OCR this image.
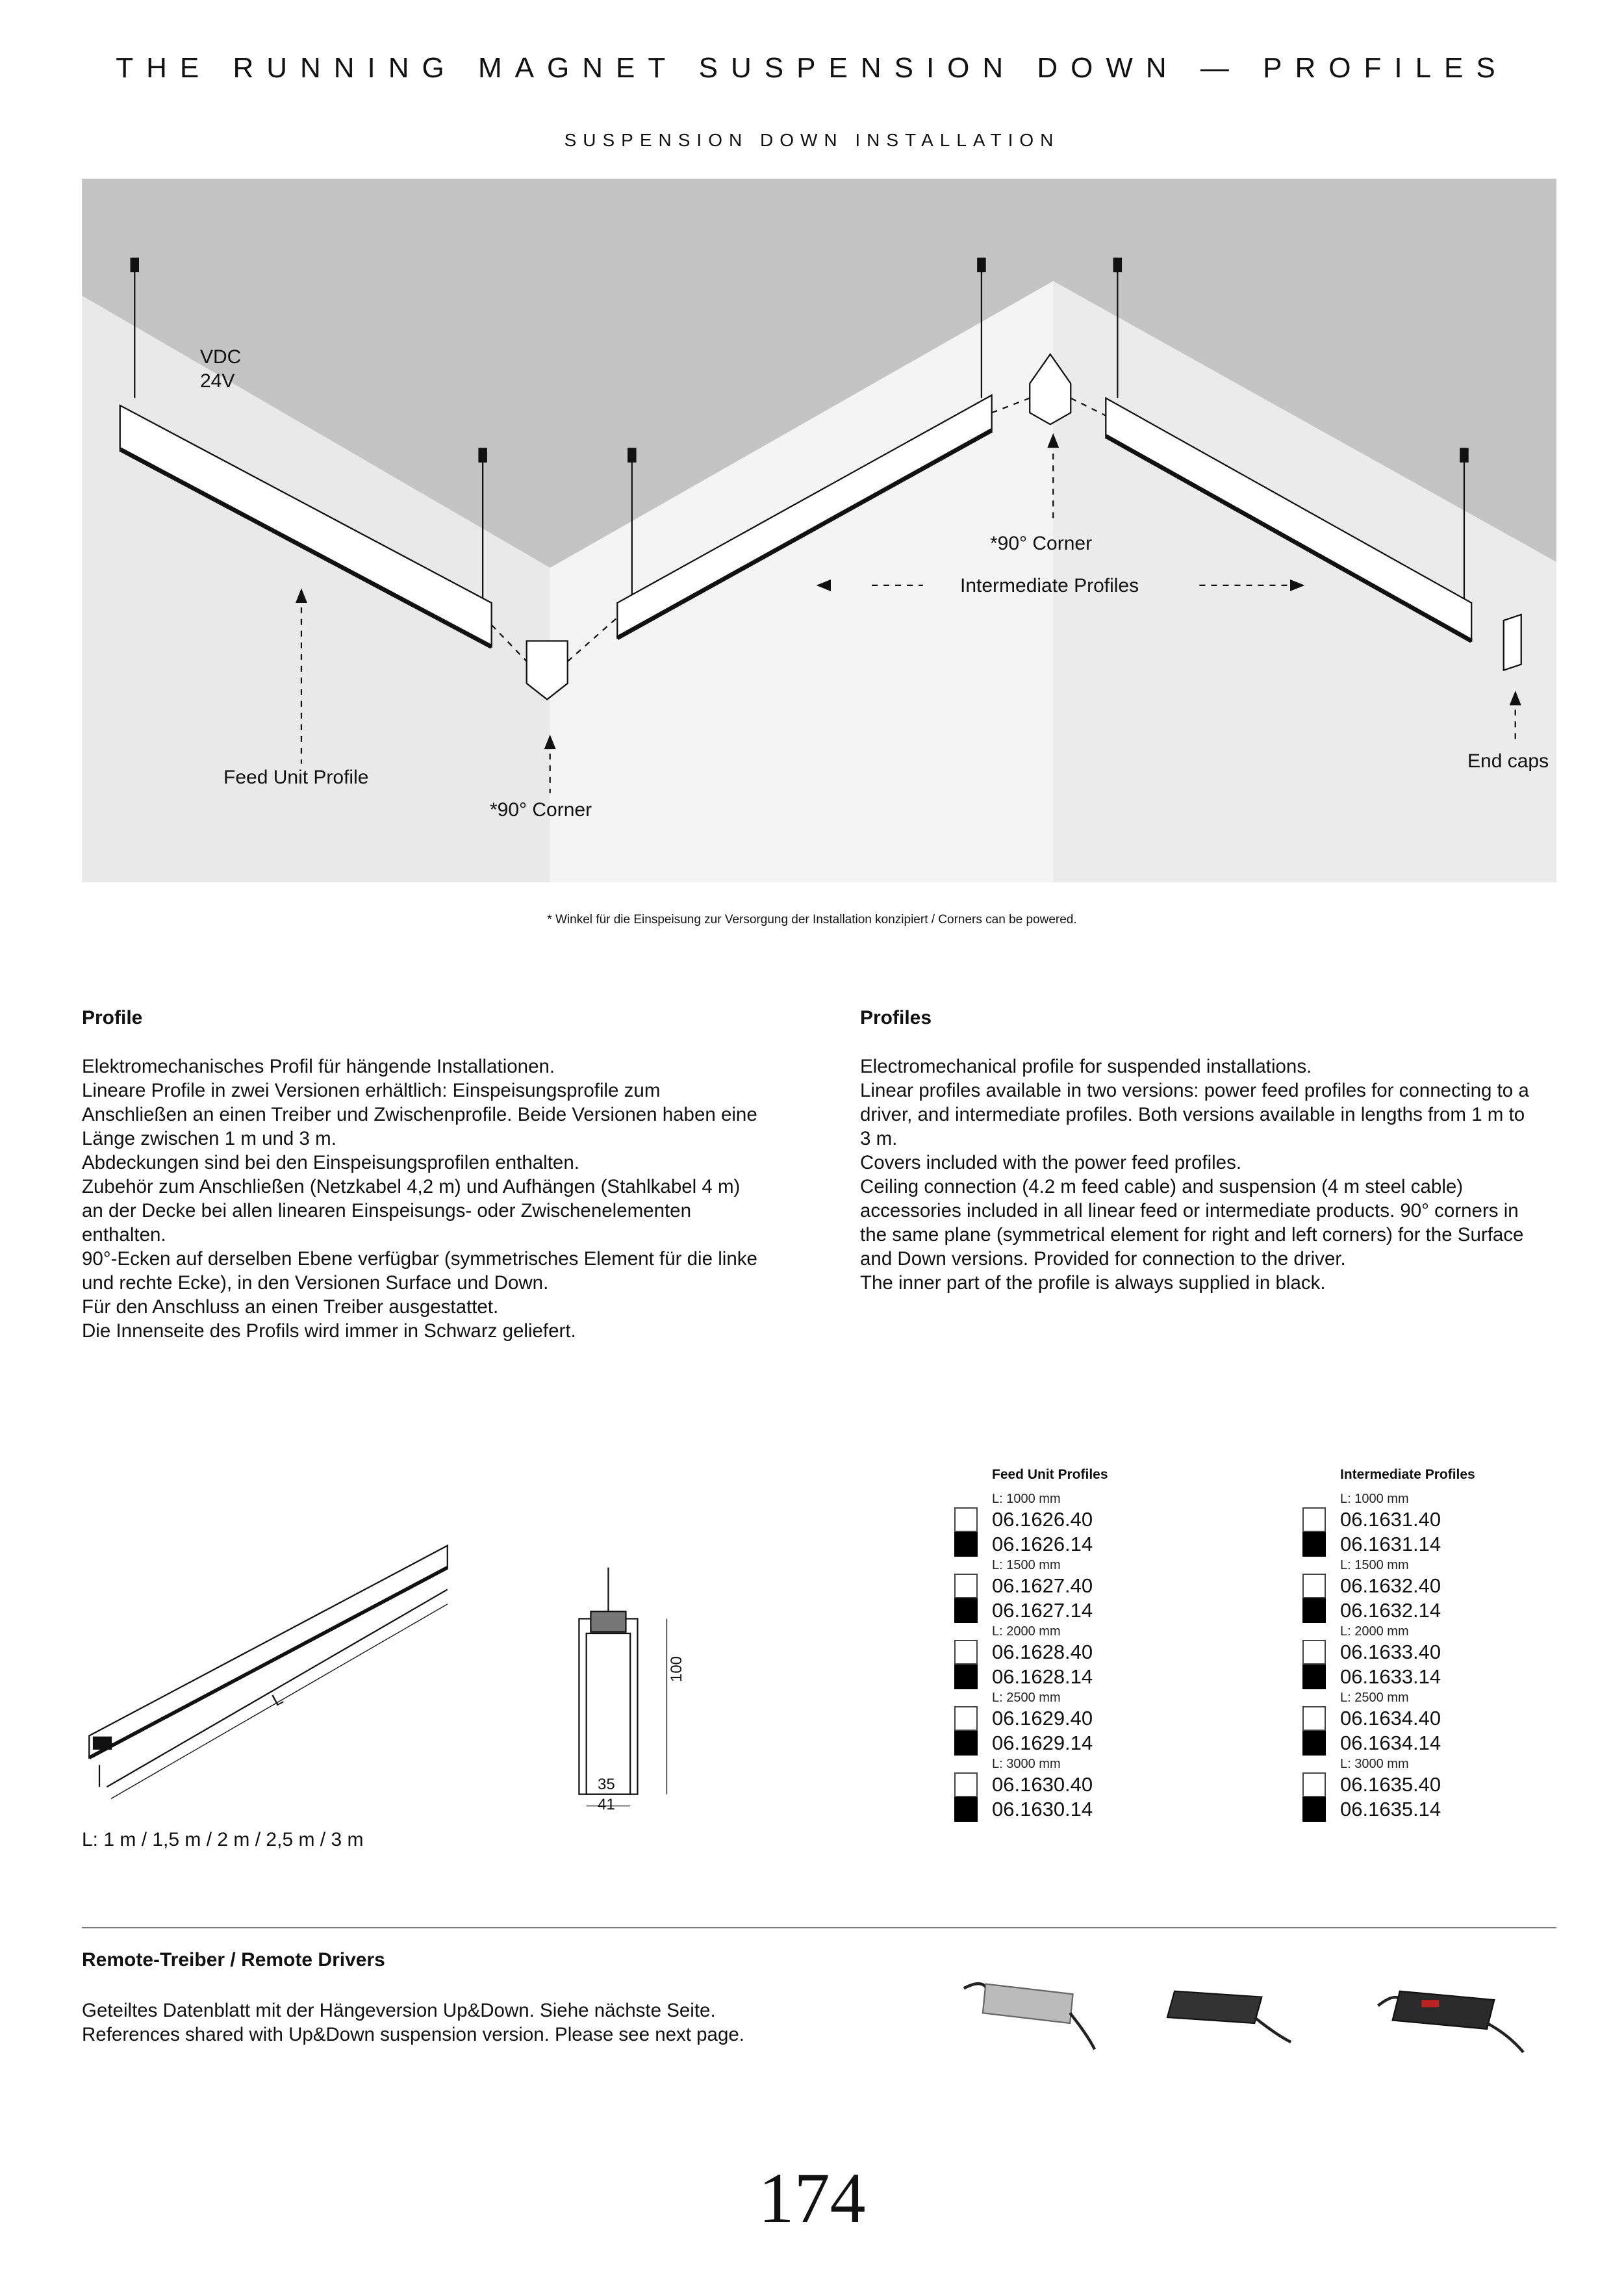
THE RUNNING MAGNET SUSPENSION DOWN — PROFILES
SUSPENSION DOWN INSTALLATION
VDC
24V
Feed Unit Profile
*90° Corner
*90° Corner
Intermediate Profiles
End caps
* Winkel für die Einspeisung zur Versorgung der Installation konzipiert / Corners can be powered.
Profile

Elektromechanisches Profil für hängende Installationen.
Lineare Profile in zwei Versionen erhältlich: Einspeisungsprofile zum Anschließen an einen Treiber und Zwischenprofile. Beide Versionen haben eine Länge zwischen 1 m und 3 m.
Abdeckungen sind bei den Einspeisungsprofilen enthalten.
Zubehör zum Anschließen (Netzkabel 4,2 m) und Aufhängen (Stahlkabel 4 m) an der Decke bei allen linearen Einspeisungs- oder Zwischenelementen enthalten.
90°-Ecken auf derselben Ebene verfügbar (symmetrisches Element für die linke und rechte Ecke), in den Versionen Surface und Down.
Für den Anschluss an einen Treiber ausgestattet.
Die Innenseite des Profils wird immer in Schwarz geliefert.

Profiles

Electromechanical profile for suspended installations.
Linear profiles available in two versions: power feed profiles for connecting to a driver, and intermediate profiles. Both versions available in lengths from 1 m to 3 m.
Covers included with the power feed profiles.
Ceiling connection (4.2 m feed cable) and suspension (4 m steel cable) accessories included in all linear feed or intermediate products. 90° corners in the same plane (symmetrical element for right and left corners) for the Surface and Down versions. Provided for connection to the driver.
The inner part of the profile is always supplied in black.

L
100
35
41
L: 1 m / 1,5 m / 2 m / 2,5 m / 3 m
Feed Unit Profiles
L: 1000 mm
06.1626.40
06.1626.14
L: 1500 mm
06.1627.40
06.1627.14
L: 2000 mm
06.1628.40
06.1628.14
L: 2500 mm
06.1629.40
06.1629.14
L: 3000 mm
06.1630.40
06.1630.14
Intermediate Profiles
L: 1000 mm
06.1631.40
06.1631.14
L: 1500 mm
06.1632.40
06.1632.14
L: 2000 mm
06.1633.40
06.1633.14
L: 2500 mm
06.1634.40
06.1634.14
L: 3000 mm
06.1635.40
06.1635.14
Remote-Treiber / Remote Drivers
Geteiltes Datenblatt mit der Hängeversion Up&Down. Siehe nächste Seite.
References shared with Up&Down suspension version. Please see next page.
174
